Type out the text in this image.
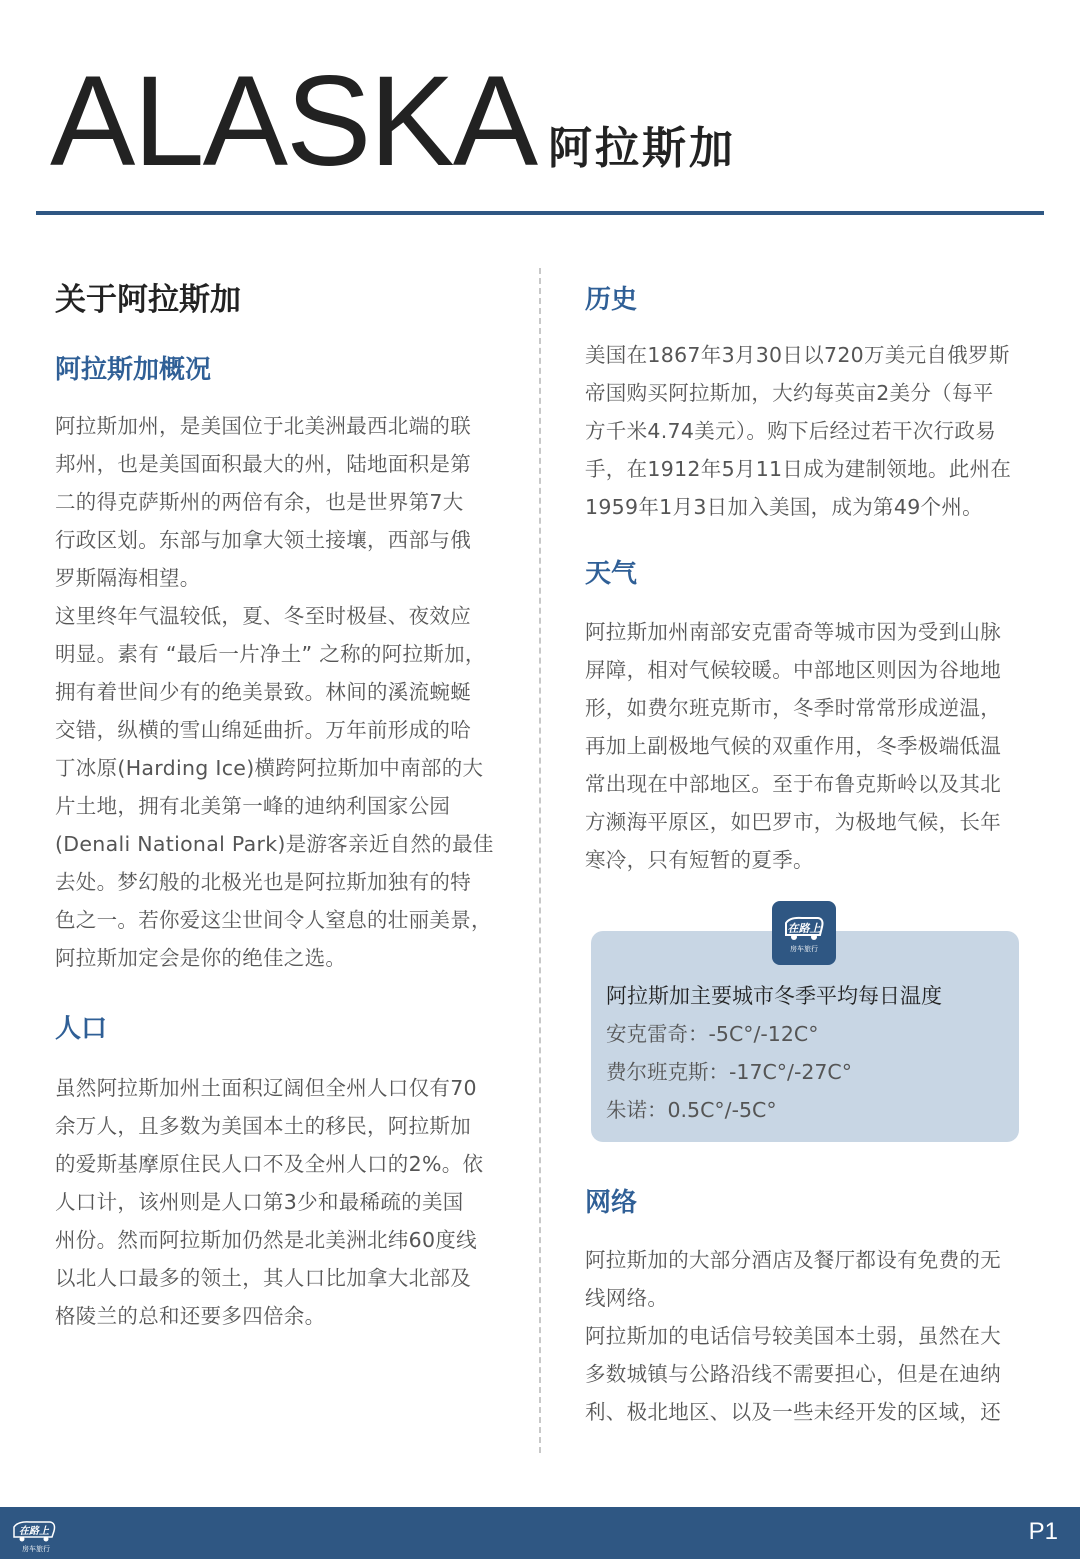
ALASKA 阿拉斯加
关于阿拉斯加
阿拉斯加概况
阿拉斯加州，是美国位于北美洲最西北端的联
邦州，也是美国面积最大的州，陆地面积是第
二的得克萨斯州的两倍有余，也是世界第7大
行政区划。东部与加拿大领土接壤，西部与俄
罗斯隔海相望。
这里终年气温较低，夏、冬至时极昼、夜效应
明显。素有 “最后一片净土” 之称的阿拉斯加，
拥有着世间少有的绝美景致。林间的溪流蜿蜒
交错，纵横的雪山绵延曲折。万年前形成的哈
丁冰原(Harding Ice)横跨阿拉斯加中南部的大
片土地，拥有北美第一峰的迪纳利国家公园
(Denali National Park)是游客亲近自然的最佳
去处。梦幻般的北极光也是阿拉斯加独有的特
色之一。若你爱这尘世间令人窒息的壮丽美景，
阿拉斯加定会是你的绝佳之选。
人口
虽然阿拉斯加州土面积辽阔但全州人口仅有70
余万人，且多数为美国本土的移民，阿拉斯加
的爱斯基摩原住民人口不及全州人口的2%。依
人口计，该州则是人口第3少和最稀疏的美国
州份。然而阿拉斯加仍然是北美洲北纬60度线
以北人口最多的领土，其人口比加拿大北部及
格陵兰的总和还要多四倍余。
历史
美国在1867年3月30日以720万美元自俄罗斯
帝国购买阿拉斯加，大约每英亩2美分（每平
方千米4.74美元）。购下后经过若干次行政易
手，在1912年5月11日成为建制领地。此州在
1959年1月3日加入美国，成为第49个州。
天气
阿拉斯加州南部安克雷奇等城市因为受到山脉
屏障，相对气候较暖。中部地区则因为谷地地
形，如费尔班克斯市，冬季时常常形成逆温，
再加上副极地气候的双重作用，冬季极端低温
常出现在中部地区。至于布鲁克斯岭以及其北
方濒海平原区，如巴罗市，为极地气候，长年
寒冷，只有短暂的夏季。
在路上
房车旅行
阿拉斯加主要城市冬季平均每日温度
安克雷奇：-5C°/-12C°
费尔班克斯：-17C°/-27C°
朱诺：0.5C°/-5C°
网络
阿拉斯加的大部分酒店及餐厅都设有免费的无
线网络。
阿拉斯加的电话信号较美国本土弱，虽然在大
多数城镇与公路沿线不需要担心，但是在迪纳
利、极北地区、以及一些未经开发的区域，还
在路上
房车旅行
P1
